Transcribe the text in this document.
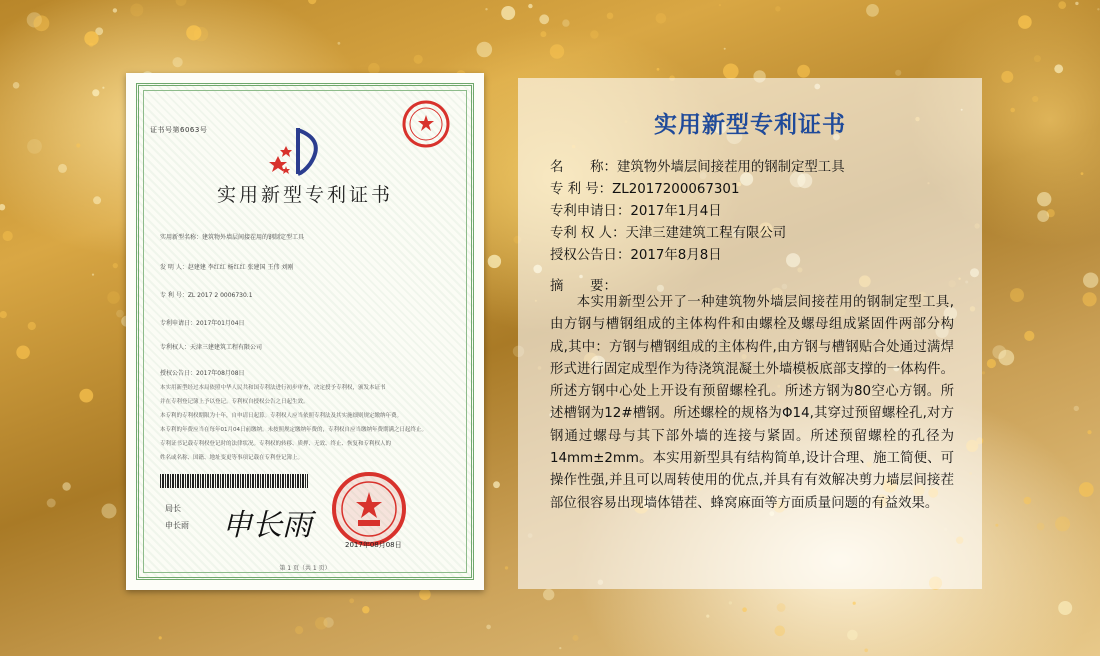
证书号第6063号
实用新型专利证书
实用新型名称：建筑物外墙层间接茬用的钢制定型工具
发 明 人：赵建建 李红红 杨红红 张建国 王伟 刘刚
专 利 号：ZL 2017 2 0006730.1
专利申请日：2017年01月04日
专利权人：天津三建建筑工程有限公司
授权公告日：2017年08月08日
本实用新型经过本局依照中华人民共和国专利法进行初步审查，决定授予专利权，颁发本证书
并在专利登记簿上予以登记。专利权自授权公告之日起生效。
本专利的专利权期限为十年，自申请日起算。专利权人应当依照专利法及其实施细则规定缴纳年费。
本专利的年费应当在每年01月04日前缴纳。未按照规定缴纳年费的，专利权自应当缴纳年费期满之日起终止。
专利证书记载专利权登记时的法律状况。专利权的转移、质押、无效、终止、恢复和专利权人的
姓名或名称、国籍、地址变更等事项记载在专利登记簿上。
局长
申长雨 申长雨
2017年08月08日
第 1 页（共 1 页）
实用新型专利证书
名　　称：建筑物外墙层间接茬用的钢制定型工具
专 利 号：ZL2017200067301
专利申请日：2017年1月4日
专利 权 人：天津三建建筑工程有限公司
授权公告日：2017年8月8日
摘　　要：
本实用新型公开了一种建筑物外墙层间接茬用的钢制定型工具,由方钢与槽钢组成的主体构件和由螺栓及螺母组成紧固件两部分构成,其中：方钢与槽钢组成的主体构件,由方钢与槽钢贴合处通过满焊形式进行固定成型作为待浇筑混凝土外墙模板底部支撑的一体构件。所述方钢中心处上开设有预留螺栓孔。所述方钢为80空心方钢。所述槽钢为12#槽钢。所述螺栓的规格为Φ14,其穿过预留螺栓孔,对方钢通过螺母与其下部外墙的连接与紧固。所述预留螺栓的孔径为14mm±2mm。本实用新型具有结构简单,设计合理、施工简便、可操作性强,并且可以周转使用的优点,并具有有效解决剪力墙层间接茬部位很容易出现墙体错茬、蜂窝麻面等方面质量问题的有益效果。
